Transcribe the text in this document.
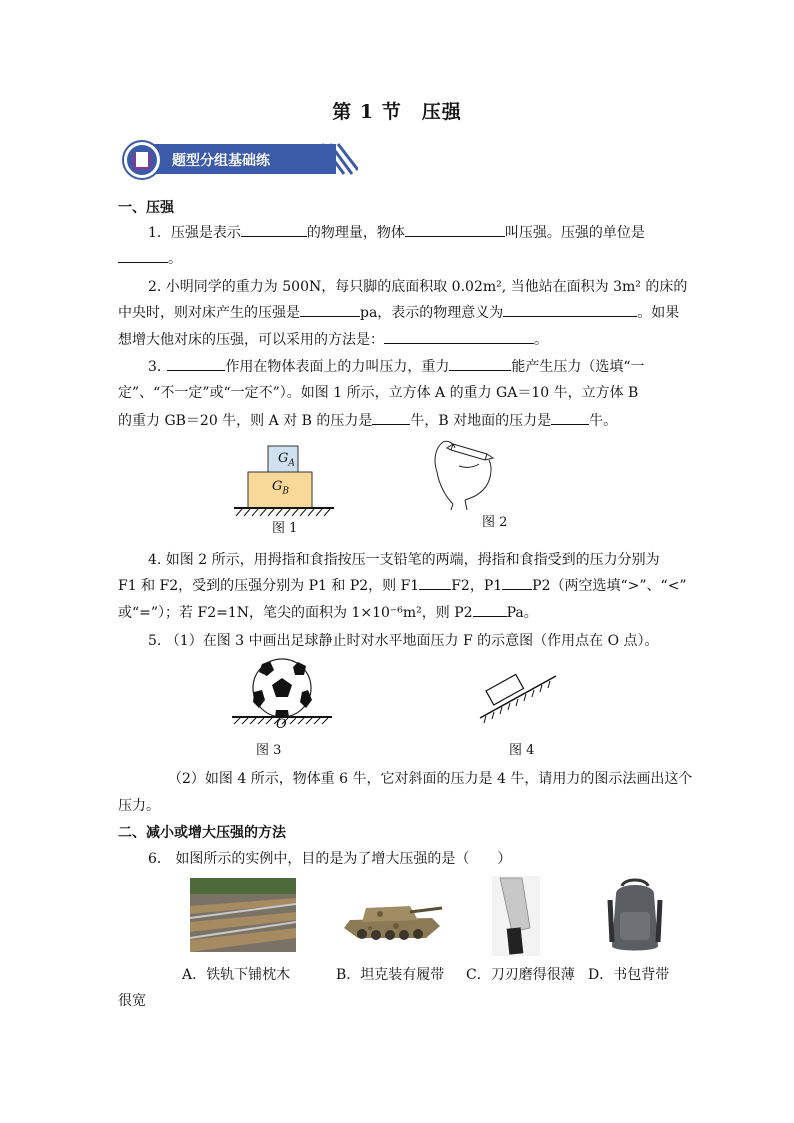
第 1 节　压强
题型分组基础练
一、压强
1．压强是表示	的物理量，物体	叫压强。压强的单位是
。
2. 小明同学的重力为 500N，每只脚的底面积取 0.02m², 当他站在面积为 3m² 的床的
中央时，则对床产生的压强是	pa，表示的物理意义为	。如果
想增大他对床的压强，可以采用的方法是：	。
3.	作用在物体表面上的力叫压力，重力	能产生压力（选填“一
定”、“不一定”或“一定不”）。如图 1 所示，立方体 A 的重力 GA＝10 牛，立方体 B
的重力 GB＝20 牛，则 A 对 B 的压力是	牛，B 对地面的压力是	牛。
$G_A$
$G_B$
图 1	图 2
4. 如图 2 所示，用拇指和食指按压一支铅笔的两端，拇指和食指受到的压力分别为
F1 和 F2，受到的压强分别为 P1 和 P2，则 F1 F2，P1 P2（两空选填“>”、“<”
或“=”）；若 F2=1N，笔尖的面积为 1×10⁻⁶m²，则 P2 Pa。
5. （1）在图 3 中画出足球静止时对水平地面压力 F 的示意图（作用点在 O 点）。
O
图 3	图 4
（2）如图 4 所示，物体重 6 牛，它对斜面的压力是 4 牛，请用力的图示法画出这个
压力。
二、减小或增大压强的方法
6． 如图所示的实例中，目的是为了增大压强的是（　　）
A．铁轨下铺枕木	B．坦克装有履带 C．刀刃磨得很薄 D．书包背带
很宽
